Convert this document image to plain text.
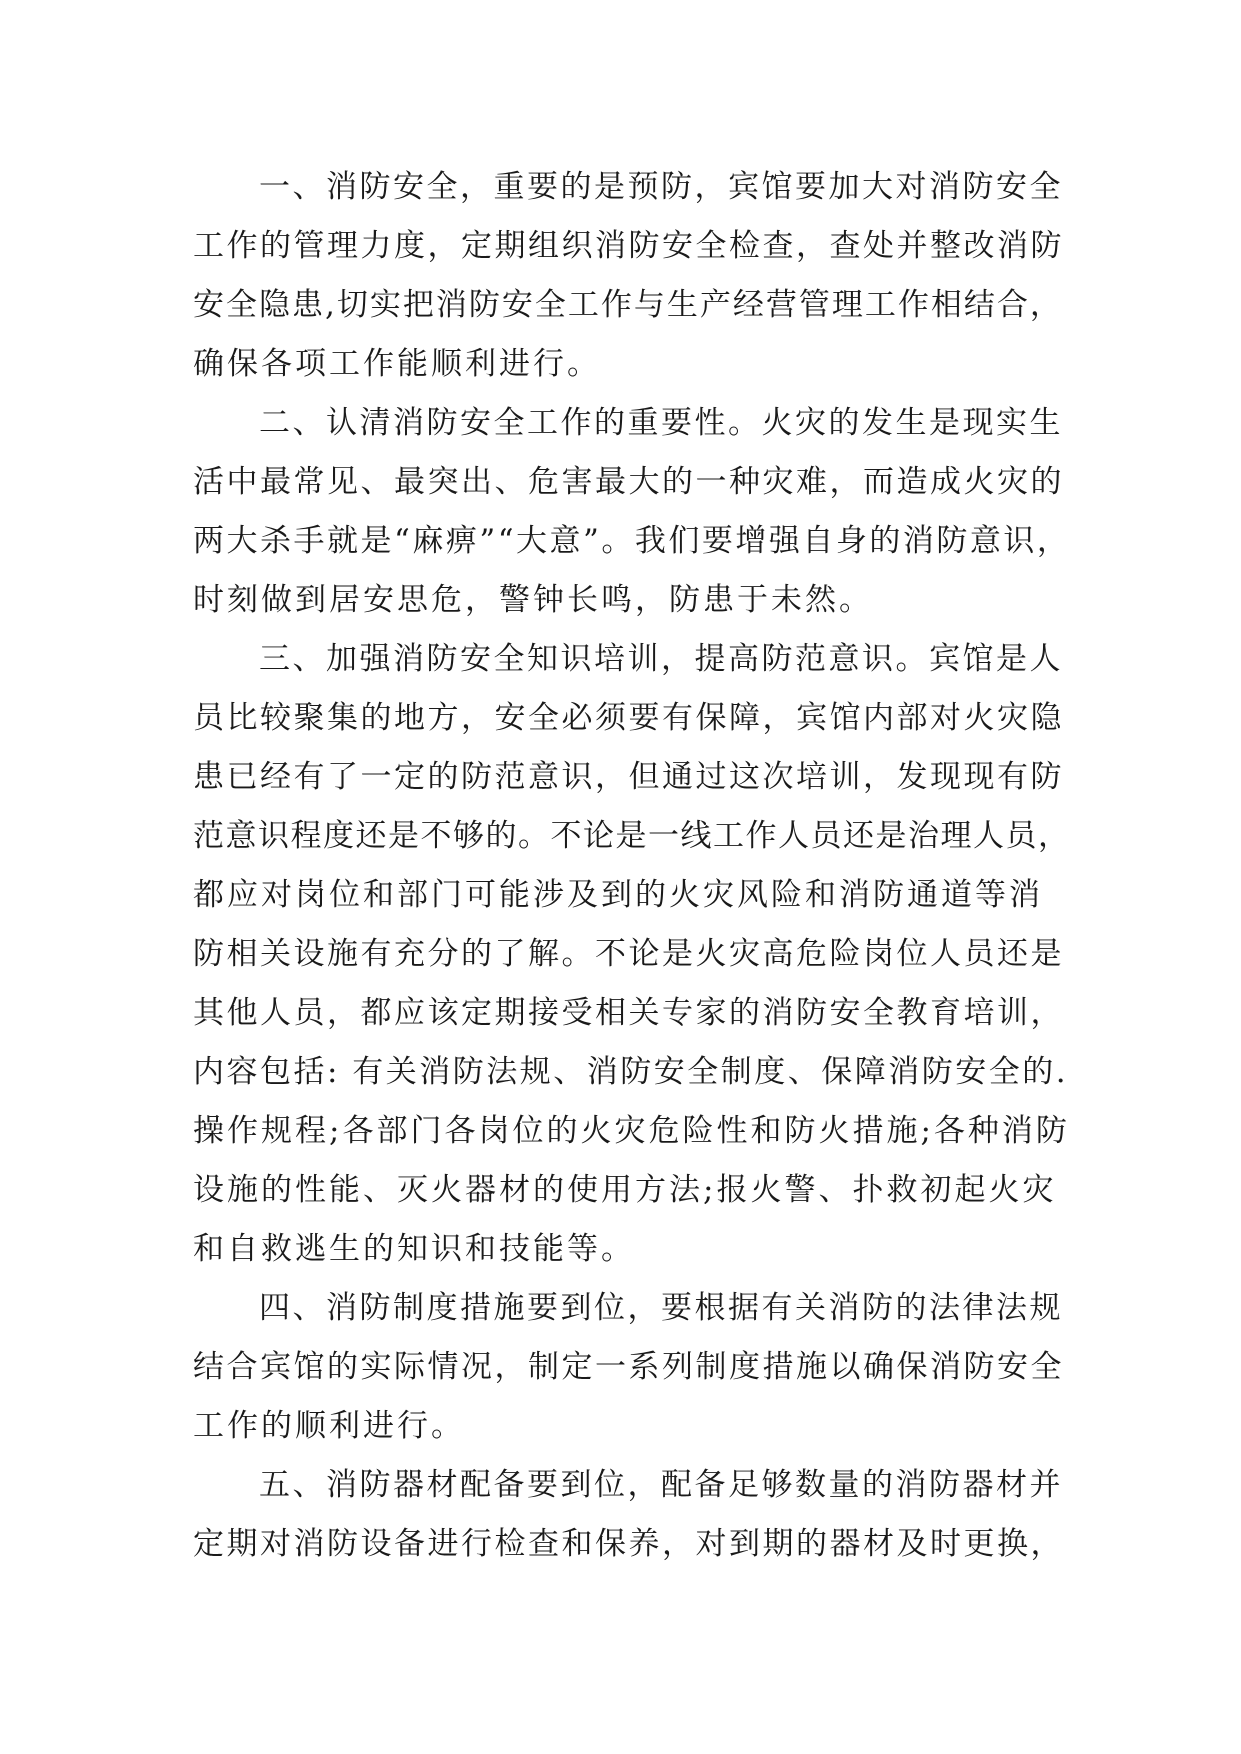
一、消防安全，重要的是预防，宾馆要加大对消防安全
工作的管理力度，定期组织消防安全检查，查处并整改消防
安全隐患,切实把消防安全工作与生产经营管理工作相结合，
确保各项工作能顺利进行。
二、认清消防安全工作的重要性。火灾的发生是现实生
活中最常见、最突出、危害最大的一种灾难，而造成火灾的
两大杀手就是“麻痹”“大意”。我们要增强自身的消防意识，
时刻做到居安思危，警钟长鸣，防患于未然。
三、加强消防安全知识培训，提高防范意识。宾馆是人
员比较聚集的地方，安全必须要有保障，宾馆内部对火灾隐
患已经有了一定的防范意识，但通过这次培训，发现现有防
范意识程度还是不够的。不论是一线工作人员还是治理人员，
都应对岗位和部门可能涉及到的火灾风险和消防通道等消
防相关设施有充分的了解。不论是火灾高危险岗位人员还是
其他人员，都应该定期接受相关专家的消防安全教育培训，
内容包括: 有关消防法规、消防安全制度、保障消防安全的.
操作规程;各部门各岗位的火灾危险性和防火措施;各种消防
设施的性能、灭火器材的使用方法;报火警、扑救初起火灾
和自救逃生的知识和技能等。
四、消防制度措施要到位，要根据有关消防的法律法规
结合宾馆的实际情况，制定一系列制度措施以确保消防安全
工作的顺利进行。
五、消防器材配备要到位，配备足够数量的消防器材并
定期对消防设备进行检查和保养，对到期的器材及时更换，
